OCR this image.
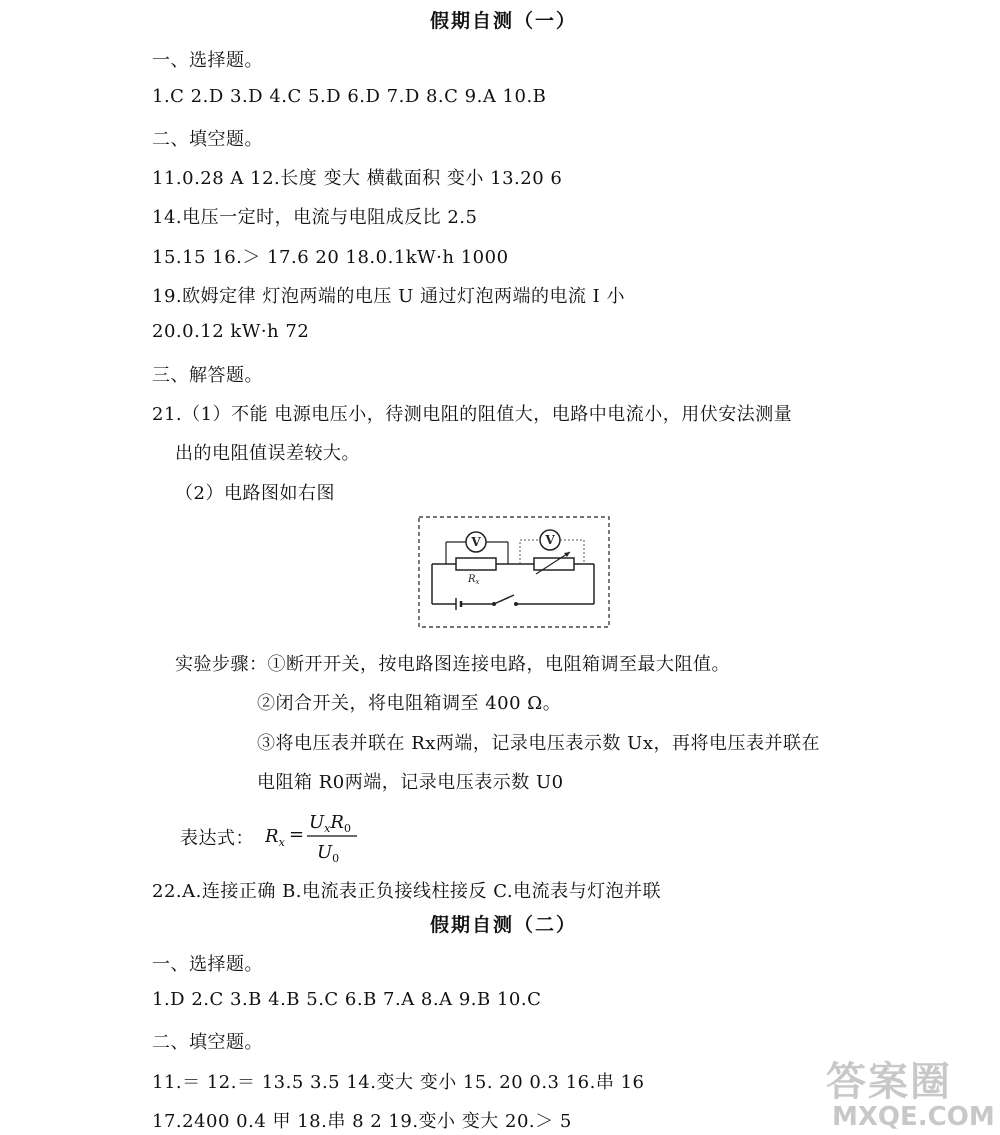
假期自测（一）
一、选择题。
1.C 2.D 3.D 4.C 5.D 6.D 7.D 8.C 9.A 10.B
二、填空题。
11.0.28 A 12.长度 变大 横截面积 变小 13.20 6
14.电压一定时，电流与电阻成反比 2.5
15.15 16.＞ 17.6 20 18.0.1kW·h 1000
19.欧姆定律 灯泡两端的电压 U 通过灯泡两端的电流 I 小
20.0.12 kW·h 72
三、解答题。
21.（1）不能 电源电压小，待测电阻的阻值大，电路中电流小，用伏安法测量
出的电阻值误差较大。
（2）电路图如右图
$R_x$
V	V
实验步骤：①断开开关，按电路图连接电路，电阻箱调至最大阻值。
②闭合开关，将电阻箱调至 400 Ω。
③将电压表并联在 Rx两端，记录电压表示数 Ux，再将电压表并联在
电阻箱 R0两端，记录电压表示数 U0
表达式： $R_x$ =
$U_xR_0$
$U_0$
22.A.连接正确 B.电流表正负接线柱接反 C.电流表与灯泡并联
假期自测（二）
一、选择题。
1.D 2.C 3.B 4.B 5.C 6.B 7.A 8.A 9.B 10.C
二、填空题。
11.＝ 12.＝ 13.5 3.5 14.变大 变小 15. 20 0.3 16.串 16
17.2400 0.4 甲 18.串 8 2 19.变小 变大 20.＞ 5
答案圈
MXQE.COM
